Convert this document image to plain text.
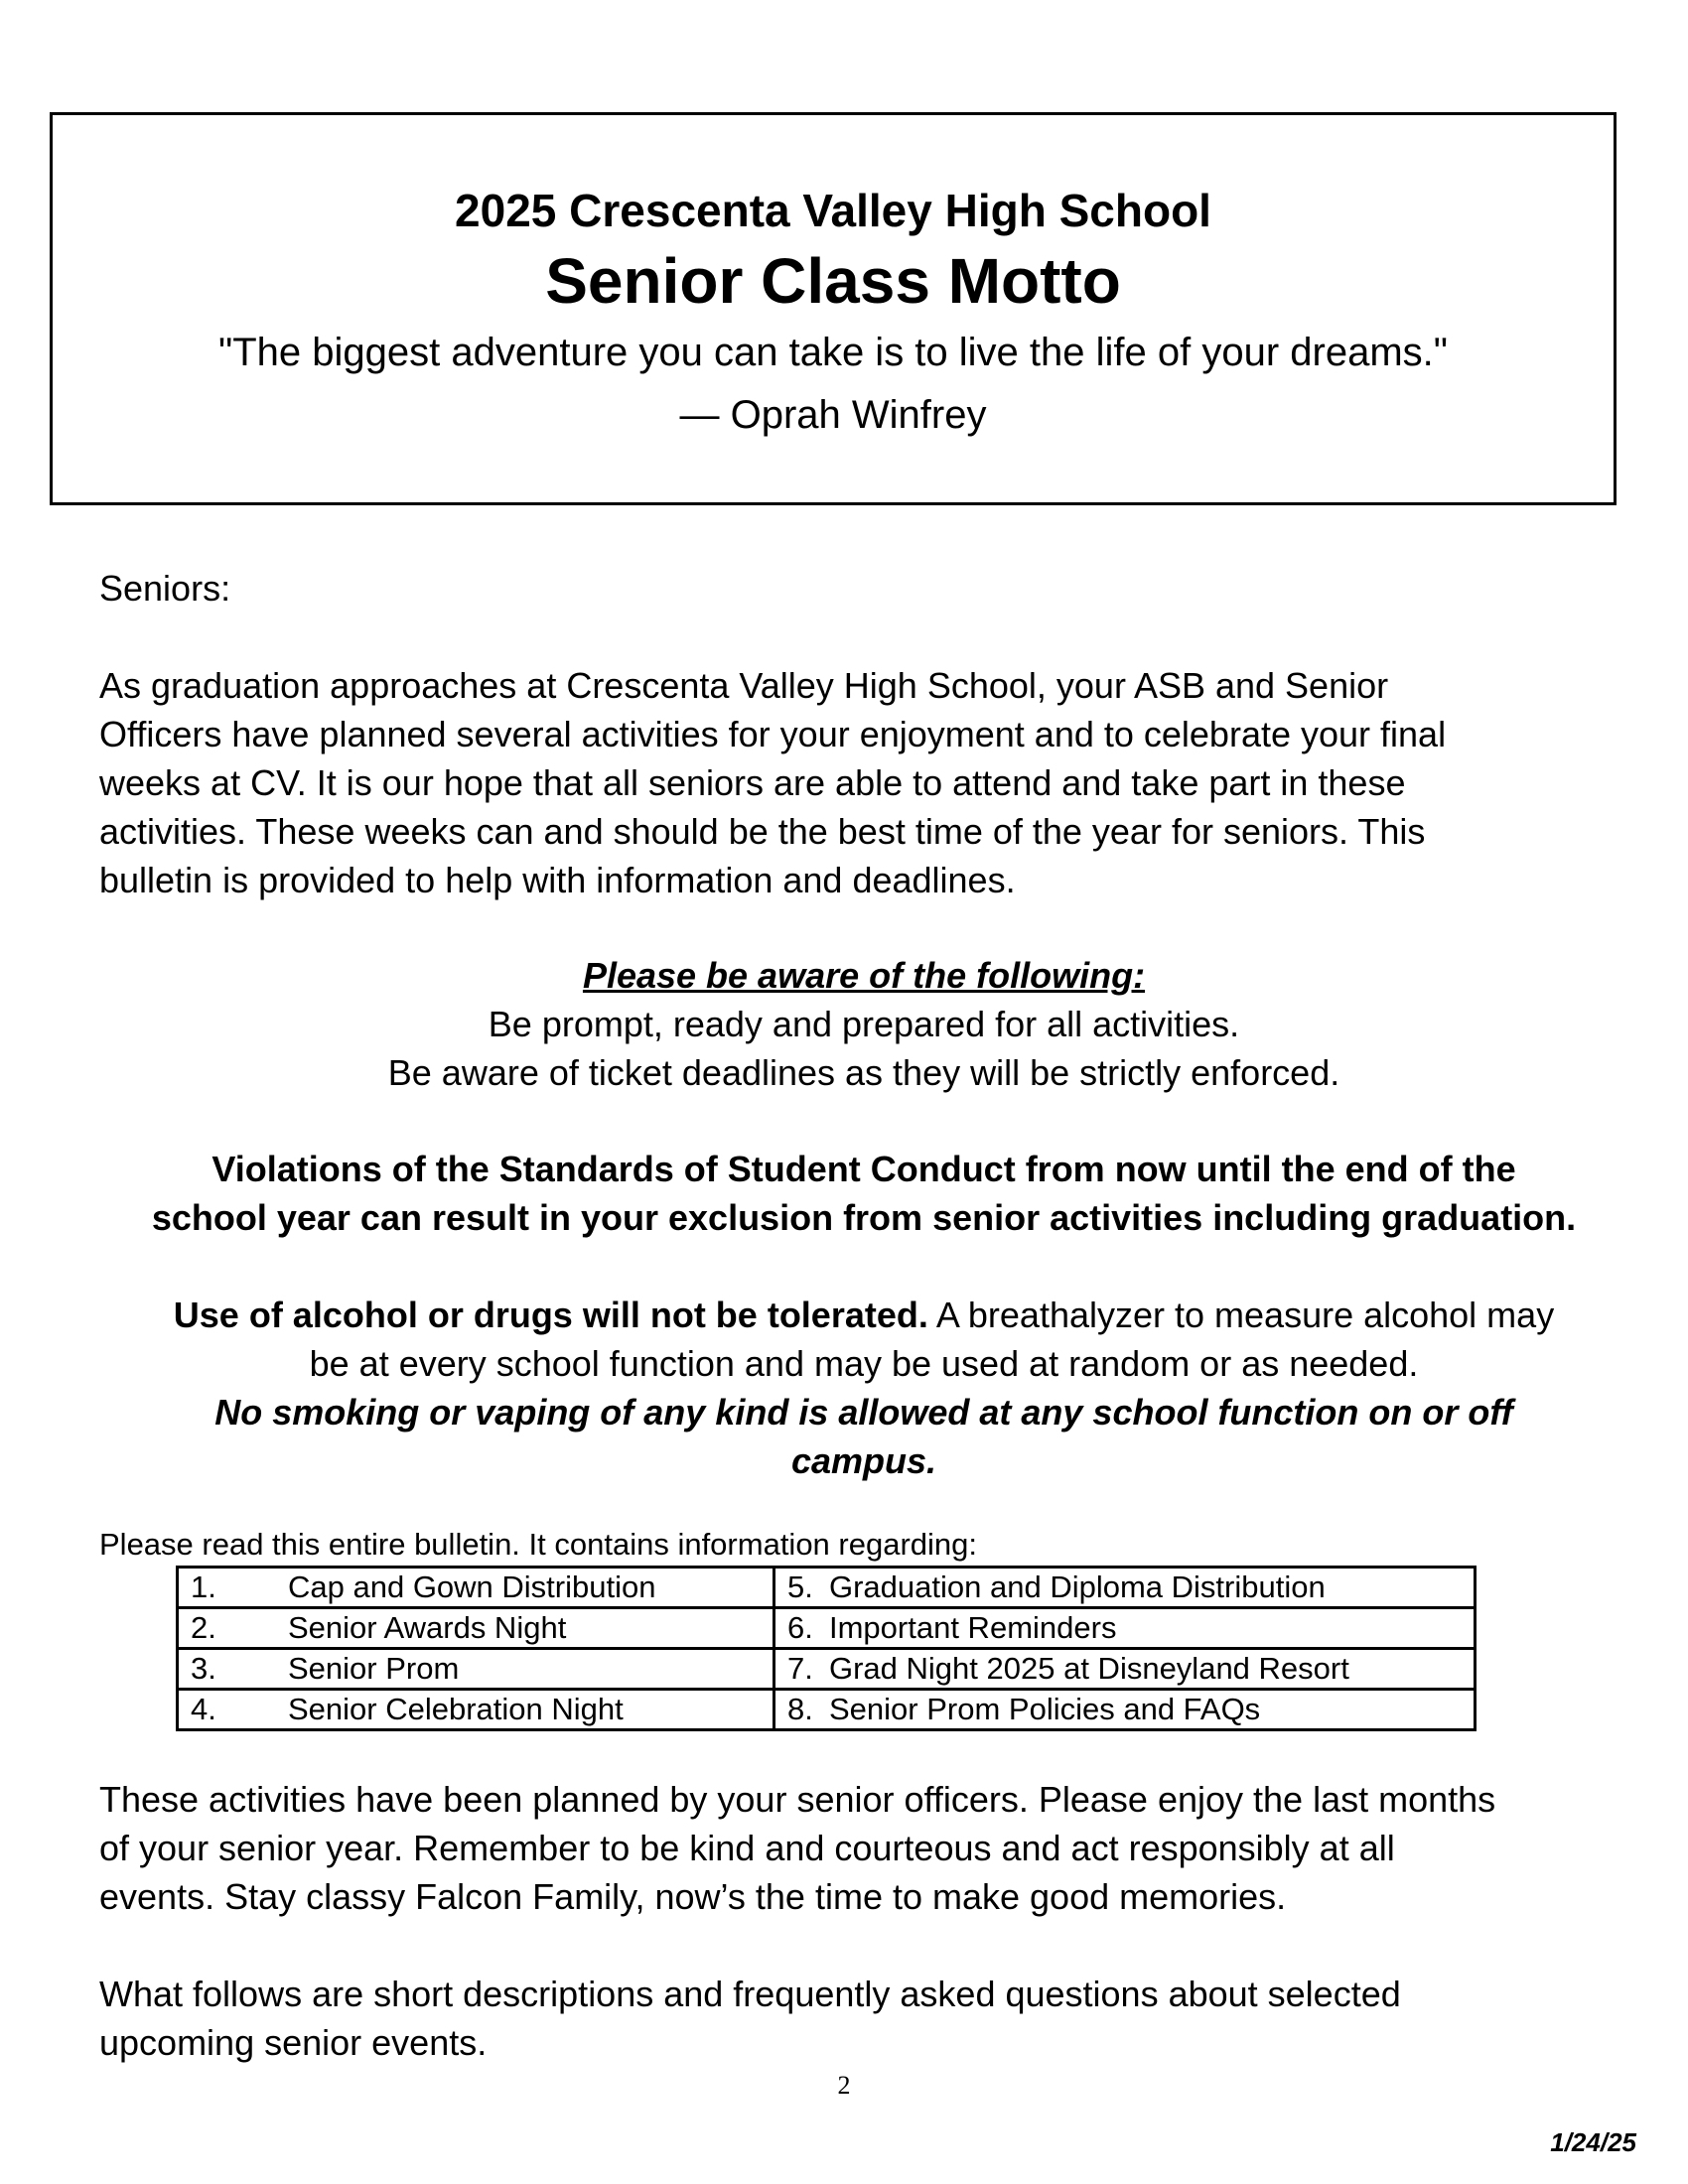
2025 Crescenta Valley High School
Senior Class Motto
"The biggest adventure you can take is to live the life of your dreams."
— Oprah Winfrey

Seniors:

As graduation approaches at Crescenta Valley High School, your ASB and Senior
Officers have planned several activities for your enjoyment and to celebrate your final
weeks at CV. It is our hope that all seniors are able to attend and take part in these
activities. These weeks can and should be the best time of the year for seniors. This
bulletin is provided to help with information and deadlines.
Please be aware of the following:
Be prompt, ready and prepared for all activities.
Be aware of ticket deadlines as they will be strictly enforced.
Violations of the Standards of Student Conduct from now until the end of the
school year can result in your exclusion from senior activities including graduation.
Use of alcohol or drugs will not be tolerated. A breathalyzer to measure alcohol may
be at every school function and may be used at random or as needed.
No smoking or vaping of any kind is allowed at any school function on or off
campus.
Please read this entire bulletin. It contains information regarding:
1. Cap and Gown Distribution	5. Graduation and Diploma Distribution
2. Senior Awards Night	6. Important Reminders
3. Senior Prom	7. Grad Night 2025 at Disneyland Resort
4. Senior Celebration Night	8. Senior Prom Policies and FAQs
These activities have been planned by your senior officers. Please enjoy the last months
of your senior year. Remember to be kind and courteous and act responsibly at all
events. Stay classy Falcon Family, now’s the time to make good memories.
What follows are short descriptions and frequently asked questions about selected
upcoming senior events.
2
1/24/25
